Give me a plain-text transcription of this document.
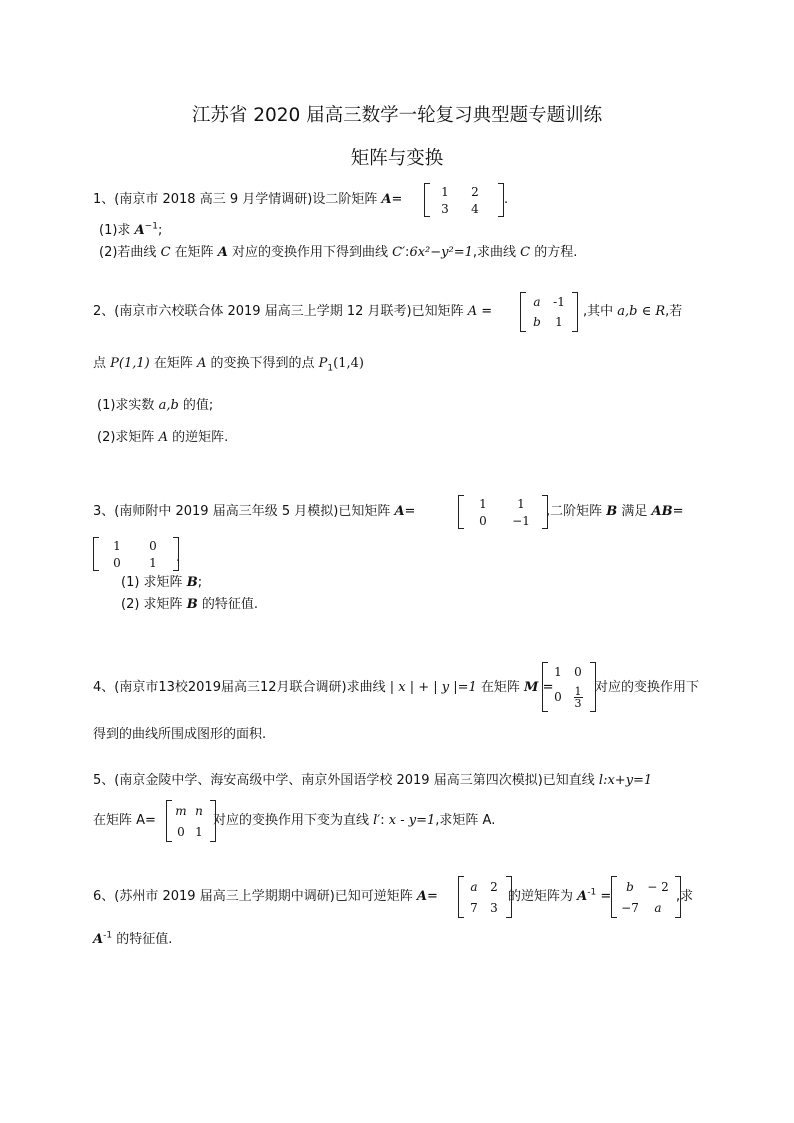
江苏省 2020 届高三数学一轮复习典型题专题训练
矩阵与变换
1、(南京市 2018 高三 9 月学情调研)设二阶矩阵 A=
1 2
3 4
.
(1)求 $A^{-1}$;
(2)若曲线 C 在矩阵 A 对应的变换作用下得到曲线 C′:6x²−y²=1,求曲线 C 的方程.
2、(南京市六校联合体 2019 届高三上学期 12 月联考)已知矩阵 A =
a -1
b 1
,其中 a,b ∈ R,若
点 P(1,1) 在矩阵 A 的变换下得到的点 $P_1(1,4)$
(1)求实数 a,b 的值;
(2)求矩阵 A 的逆矩阵.
3、(南师附中 2019 届高三年级 5 月模拟)已知矩阵 A=
1	1
0 −1
,二阶矩阵 B 满足 AB=
1 0
0 1 .
(1) 求矩阵 B;
(2) 求矩阵 B 的特征值.
4、(南京市13校2019届高三12月联合调研)求曲线 | x | + | y |=1 在矩阵 M =
1 0
$0 \frac{1}{3}$ 对应的变换作用下
得到的曲线所围成图形的面积.
5、(南京金陵中学、海安高级中学、南京外国语学校 2019 届高三第四次模拟)已知直线 l:x+y=1
在矩阵 A=
m n
0 1
对应的变换作用下变为直线 l′: x - y=1,求矩阵 A.
6、(苏州市 2019 届高三上学期期中调研)已知可逆矩阵 A=
a 2
7 3
的逆矩阵为 $A^{-1}$ =
b − 2
−7 a
,求
$A^{-1}$ 的特征值.
